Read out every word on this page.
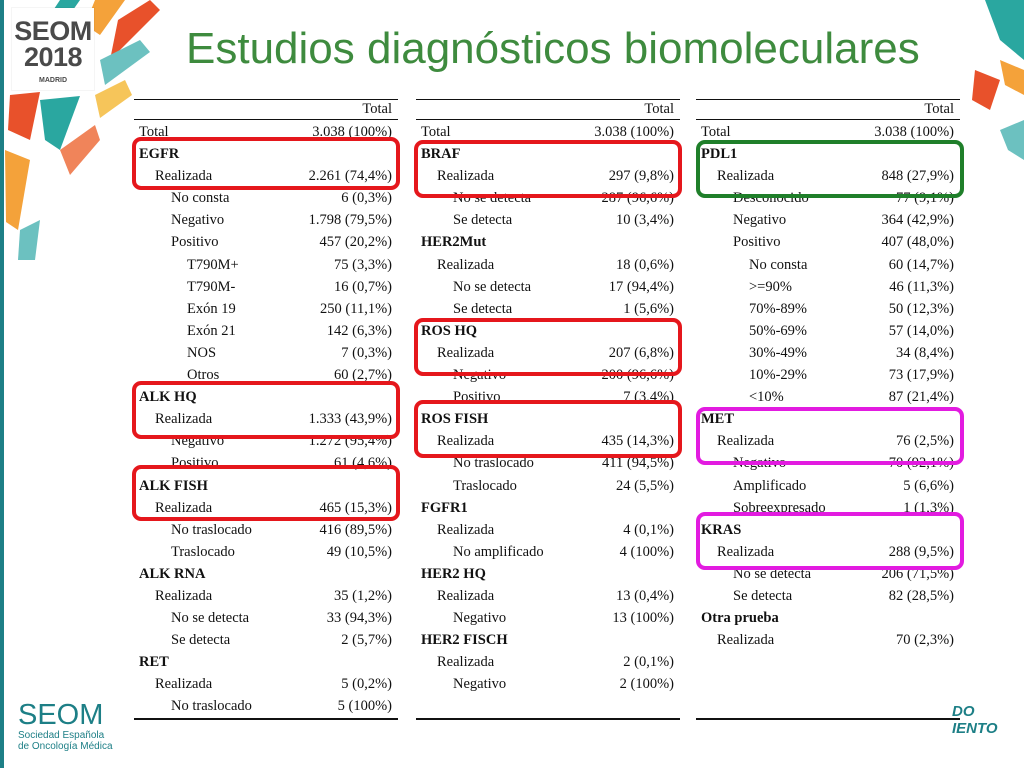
SEOM
2018
MADRID
Estudios diagnósticos biomoleculares
Total
Total	3.038 (100%)
EGFR
Realizada	2.261 (74,4%)
No consta	6 (0,3%)
Negativo	1.798 (79,5%)
Positivo	457 (20,2%)
T790M+	75 (3,3%)
T790M-	16 (0,7%)
Exón 19	250 (11,1%)
Exón 21	142 (6,3%)
NOS	7 (0,3%)
Otros	60 (2,7%)
ALK HQ
Realizada	1.333 (43,9%)
Negativo	1.272 (95,4%)
Positivo	61 (4,6%)
ALK FISH
Realizada	465 (15,3%)
No traslocado	416 (89,5%)
Traslocado	49 (10,5%)
ALK RNA
Realizada	35 (1,2%)
No se detecta	33 (94,3%)
Se detecta	2 (5,7%)
RET
Realizada	5 (0,2%)
No traslocado	5 (100%)
Total
Total	3.038 (100%)
BRAF
Realizada	297 (9,8%)
No se detecta	287 (96,6%)
Se detecta	10 (3,4%)
HER2Mut
Realizada	18 (0,6%)
No se detecta	17 (94,4%)
Se detecta	1 (5,6%)
ROS HQ
Realizada	207 (6,8%)
Negativo	200 (96,6%)
Positivo	7 (3,4%)
ROS FISH
Realizada	435 (14,3%)
No traslocado	411 (94,5%)
Traslocado	24 (5,5%)
FGFR1
Realizada	4 (0,1%)
No amplificado	4 (100%)
HER2 HQ
Realizada	13 (0,4%)
Negativo	13 (100%)
HER2 FISCH
Realizada	2 (0,1%)
Negativo	2 (100%)
Total
Total	3.038 (100%)
PDL1
Realizada	848 (27,9%)
Desconocido	77 (9,1%)
Negativo	364 (42,9%)
Positivo	407 (48,0%)
No consta	60 (14,7%)
>=90%	46 (11,3%)
70%-89%	50 (12,3%)
50%-69%	57 (14,0%)
30%-49%	34 (8,4%)
10%-29%	73 (17,9%)
<10%	87 (21,4%)
MET
Realizada	76 (2,5%)
Negativo	70 (92,1%)
Amplificado	5 (6,6%)
Sobreexpresado	1 (1,3%)
KRAS
Realizada	288 (9,5%)
No se detecta	206 (71,5%)
Se detecta	82 (28,5%)
Otra prueba
Realizada	70 (2,3%)
SEOM
Sociedad Española
de Oncología Médica
DO
IENTO
